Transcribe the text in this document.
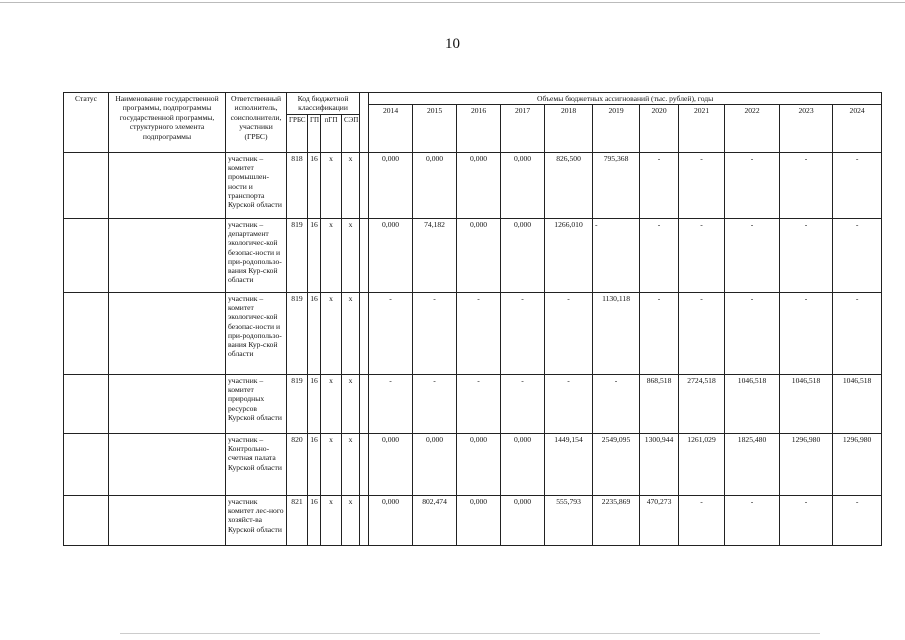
10
Статус	Наименование государственной программы, подпрограммы государственной программы, структурного элемента подпрограммы	Ответственный исполнитель, соисполнители, участники (ГРБС)	Код бюджетной классификации					Объемы бюджетных ассигнований (тыс. рублей), годы										
								2014	2015	2016	2017	2018	2019	2020	2021	2022	2023	2024
			ГРБС	ГП	пГП	СЭП												
		участник – комитет промышлен-ности и транспорта Курской области	818	16	х	х		0,000	0,000	0,000	0,000	826,500	795,368	-	-	-	-	-
		участник – департамент экологичес-кой безопас-ности и при-родопользо-вания Кур-ской области	819	16	х	х		0,000	74,182	0,000	0,000	1266,010	-	-	-	-	-	-
		участник – комитет экологичес-кой безопас-ности и при-родопользо-вания Кур-ской области	819	16	х	х		-	-	-	-	-	1130,118	-	-	-	-	-
		участник – комитет природных ресурсов Курской области	819	16	х	х		-	-	-	-	-	-	868,518	2724,518	1046,518	1046,518	1046,518
		участник – Контрольно-счетная палата Курской области	820	16	х	х		0,000	0,000	0,000	0,000	1449,154	2549,095	1300,944	1261,029	1825,480	1296,980	1296,980
		участник комитет лес-ного хозяйст-ва Курской области	821	16	х	х		0,000	802,474	0,000	0,000	555,793	2235,869	470,273	-	-	-	-
